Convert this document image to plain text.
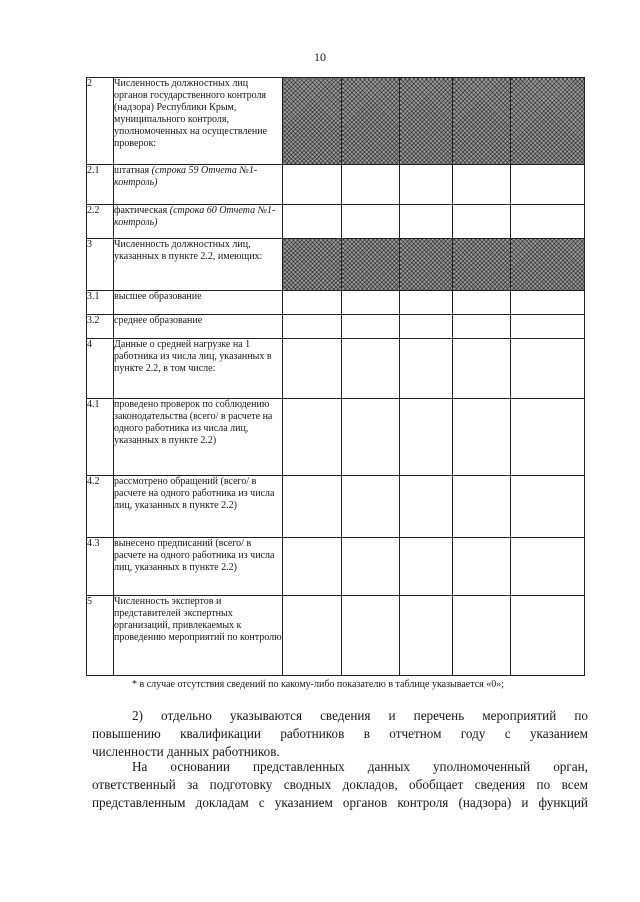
10
2	Численность должностных лиц органов государственного контроля (надзора) Республики Крым, муниципального контроля, уполномоченных на осуществление проверок:					
2.1	штатная (строка 59 Отчета №1-контроль)					
2.2	фактическая (строка 60 Отчета №1-контроль)					
3	Численность должностных лиц, указанных в пункте 2.2, имеющих:					
3.1	высшее образование					
3.2	среднее образование					
4	Данные о средней нагрузке на 1 работника из числа лиц, указанных в пункте 2.2, в том числе:					
4.1	проведено проверок по соблюдению законодательства (всего/ в расчете на одного работника из числа лиц, указанных в пункте 2.2)					
4.2	рассмотрено обращений (всего/ в расчете на одного работника из числа лиц, указанных в пункте 2.2)					
4.3	вынесено предписаний (всего/ в расчете на одного работника из числа лиц, указанных в пункте 2.2)					
5	Численность экспертов и представителей экспертных организаций, привлекаемых к проведению мероприятий по контролю					
* в случае отсутствия сведений по какому-либо показателю в таблице указывается «0»;
2) отдельно указываются сведения и перечень мероприятий по
повышению квалификации работников в отчетном году с указанием
численности данных работников.
На основании представленных данных уполномоченный орган,
ответственный за подготовку сводных докладов, обобщает сведения по всем
представленным докладам с указанием органов контроля (надзора) и функций
